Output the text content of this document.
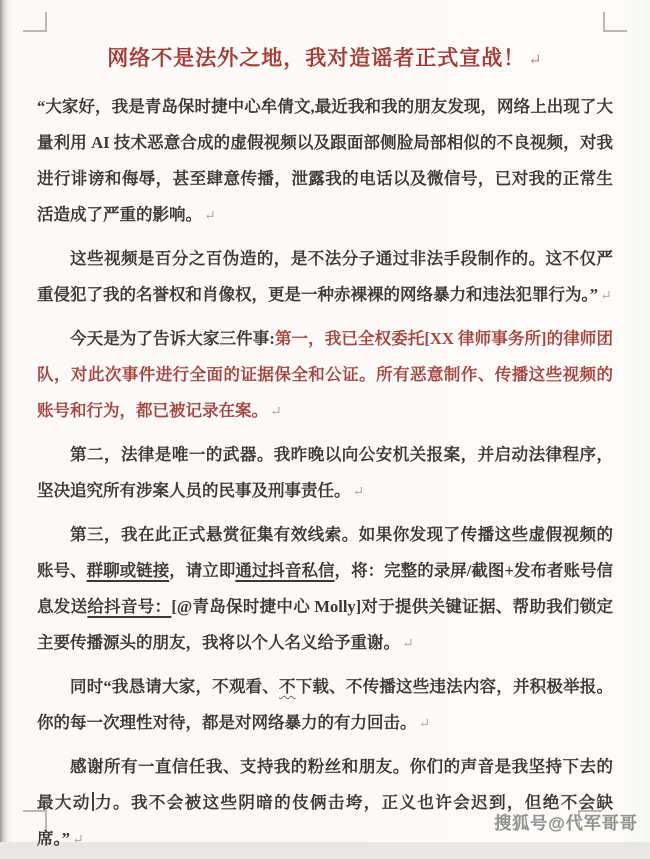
网络不是法外之地，我对造谣者正式宣战！ ↵

“大家好，我是青岛保时捷中心牟倩文,最近我和我的朋友发现，网络上出现了大量利用 AI 技术恶意合成的虚假视频以及跟面部侧脸局部相似的不良视频，对我进行诽谤和侮辱，甚至肆意传播，泄露我的电话以及微信号，已对我的正常生活造成了严重的影响。 ↵

这些视频是百分之百伪造的，是不法分子通过非法手段制作的。这不仅严重侵犯了我的名誉权和肖像权，更是一种赤裸裸的网络暴力和违法犯罪行为。” ↵

今天是为了告诉大家三件事:第一，我已全权委托[XX 律师事务所]的律师团队，对此次事件进行全面的证据保全和公证。所有恶意制作、传播这些视频的账号和行为，都已被记录在案。 ↵

第二，法律是唯一的武器。我昨晚以向公安机关报案，并启动法律程序，坚决追究所有涉案人员的民事及刑事责任。 ↵

第三，我在此正式悬赏征集有效线索。如果你发现了传播这些虚假视频的账号、群聊或链接，请立即通过抖音私信，将：完整的录屏/截图+发布者账号信息发送给抖音号：[@青岛保时捷中心 Molly]对于提供关键证据、帮助我们锁定主要传播源头的朋友，我将以个人名义给予重谢。 ↵

同时“我恳请大家，不观看、不下载、不传播这些违法内容，并积极举报。你的每一次理性对待，都是对网络暴力的有力回击。 ↵

感谢所有一直信任我、支持我的粉丝和朋友。你们的声音是我坚持下去的最大动 力。我不会被这些阴暗的伎俩击垮，正义也许会迟到，但绝不会缺席。” ↵

搜狐号@代军哥哥
